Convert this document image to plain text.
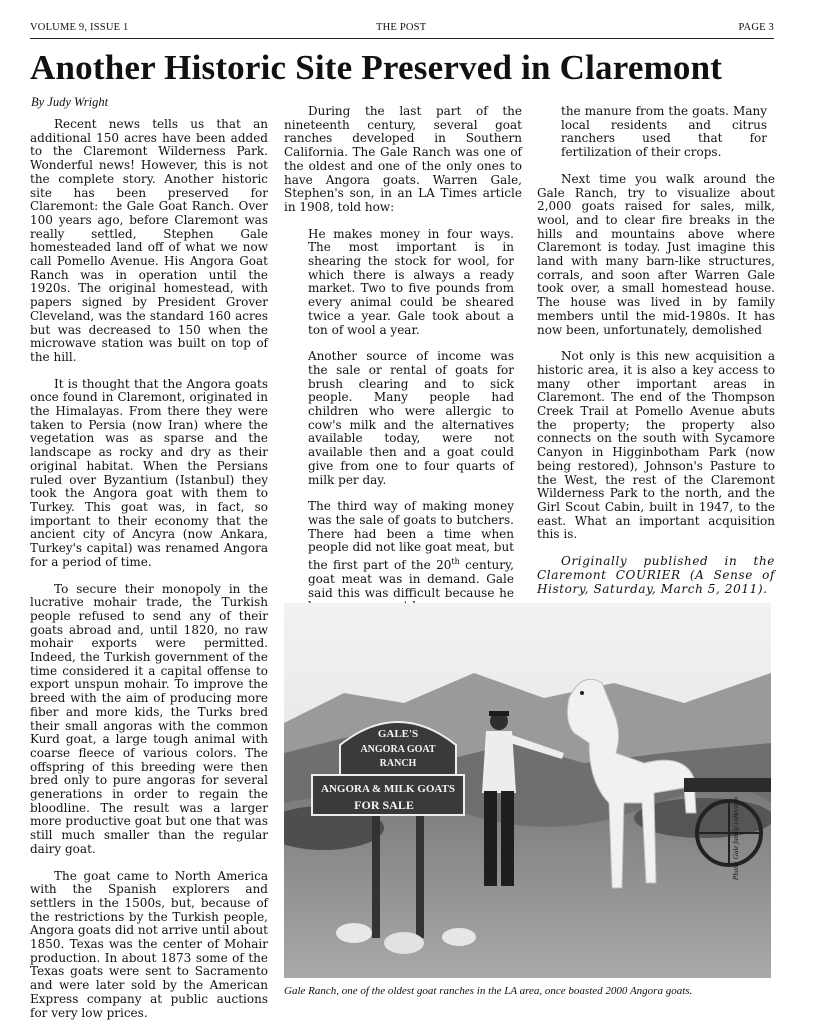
VOLUME 9, ISSUE 1	THE POST	PAGE 3
Another Historic Site Preserved in Claremont
By Judy Wright

Recent news tells us that an additional 150 acres have been added to the Claremont Wilderness Park. Wonderful news! However, this is not the complete story. Another historic site has been preserved for Claremont: the Gale Goat Ranch. Over 100 years ago, before Claremont was really settled, Stephen Gale homesteaded land off of what we now call Pomello Avenue. His Angora Goat Ranch was in operation until the 1920s. The original homestead, with papers signed by President Grover Cleveland, was the standard 160 acres but was decreased to 150 when the microwave station was built on top of the hill.

It is thought that the Angora goats once found in Claremont, originated in the Himalayas. From there they were taken to Persia (now Iran) where the vegetation was as sparse and the landscape as rocky and dry as their original habitat. When the Persians ruled over Byzantium (Istanbul) they took the Angora goat with them to Turkey. This goat was, in fact, so important to their economy that the ancient city of Ancyra (now Ankara, Turkey's capital) was renamed Angora for a period of time.

To secure their monopoly in the lucrative mohair trade, the Turkish people refused to send any of their goats abroad and, until 1820, no raw mohair exports were permitted. Indeed, the Turkish government of the time considered it a capital offense to export unspun mohair. To improve the breed with the aim of producing more fiber and more kids, the Turks bred their small angoras with the common Kurd goat, a large tough animal with coarse fleece of various colors. The offspring of this breeding were then bred only to pure angoras for several generations in order to regain the bloodline. The result was a larger more productive goat but one that was still much smaller than the regular dairy goat.

The goat came to North America with the Spanish explorers and settlers in the 1500s, but, because of the restrictions by the Turkish people, Angora goats did not arrive until about 1850. Texas was the center of Mohair production. In about 1873 some of the Texas goats were sent to Sacramento and were later sold by the American Express company at public auctions for very low prices.

During the last part of the nineteenth century, several goat ranches developed in Southern California. The Gale Ranch was one of the oldest and one of the only ones to have Angora goats. Warren Gale, Stephen's son, in an LA Times article in 1908, told how:

He makes money in four ways. The most important is in shearing the stock for wool, for which there is always a ready market. Two to five pounds from every animal could be sheared twice a year. Gale took about a ton of wool a year.

Another source of income was the sale or rental of goats for brush clearing and to sick people. Many people had children who were allergic to cow's milk and the alternatives available today, were not available then and a goat could give from one to four quarts of milk per day.

The third way of making money was the sale of goats to butchers. There had been a time when people did not like goat meat, but the first part of the 20th century, goat meat was in demand. Gale said this was difficult because he

the manure from the goats. Many local residents and citrus ranchers used that for fertilization of their crops.

Next time you walk around the Gale Ranch, try to visualize about 2,000 goats raised for sales, milk, wool, and to clear fire breaks in the hills and mountains above where Claremont is today. Just imagine this land with many barn-like structures, corrals, and soon after Warren Gale took over, a small homestead house. The house was lived in by family members until the mid-1980s. It has now been, unfortunately, demolished

Not only is this new acquisition a historic area, it is also a key access to many other important areas in Claremont. The end of the Thompson Creek Trail at Pomello Avenue abuts the property; the property also connects on the south with Sycamore Canyon in Higginbotham Park (now being restored), Johnson's Pasture to the West, the rest of the Claremont Wilderness Park to the north, and the Girl Scout Cabin, built in 1947, to the east. What an important acquisition this is.

Originally published in the Claremont COURIER (A Sense of History, Saturday, March 5, 2011).

GALE'S
ANGORA GOAT
RANCH
ANGORA & MILK GOATS
FOR SALE	Photo: Gale family collection
Gale Ranch, one of the oldest goat ranches in the LA area, once boasted 2000 Angora goats.
